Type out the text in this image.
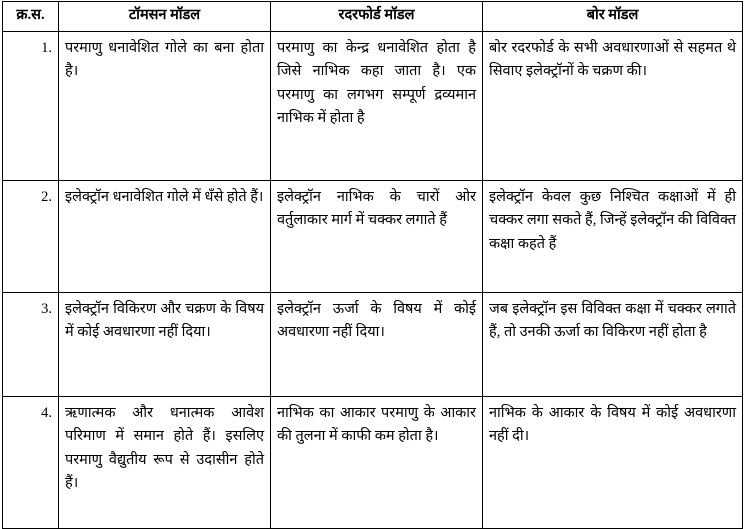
क्र.स.	टॉमसन मॉडल	रदरफोर्ड मॉडल	बोर मॉडल
1.	परमाणु धनावेशित गोले का बना होता है।	परमाणु का केन्द्र धनावेशित होता है जिसे नाभिक कहा जाता है। एक परमाणु का लगभग सम्पूर्ण द्रव्यमान नाभिक में होता है	बोर रदरफोर्ड के सभी अवधारणाओं से सहमत थे सिवाए इलेक्ट्रॉनों के चक्रण की।

2.	इलेक्ट्रॉन धनावेशित गोले में धँसे होते हैं।	इलेक्ट्रॉन नाभिक के चारों ओर वर्तुलाकार मार्ग में चक्कर लगाते हैं	इलेक्ट्रॉन केवल कुछ निश्चित कक्षाओं में ही चक्कर लगा सकते हैं, जिन्हें इलेक्ट्रॉन की विविक्त कक्षा कहते हैं

3.	इलेक्ट्रॉन विकिरण और चक्रण के विषय में कोई अवधारणा नहीं दिया।	इलेक्ट्रॉन ऊर्जा के विषय में कोई अवधारणा नहीं दिया।	जब इलेक्ट्रॉन इस विविक्त कक्षा में चक्कर लगाते हैं, तो उनकी ऊर्जा का विकिरण नहीं होता है

4.	ऋणात्मक और धनात्मक आवेश परिमाण में समान होते हैं। इसलिए परमाणु वैद्युतीय रूप से उदासीन होते हैं।	नाभिक का आकार परमाणु के आकार की तुलना में काफी कम होता है।	नाभिक के आकार के विषय में कोई अवधारणा नहीं दी।
